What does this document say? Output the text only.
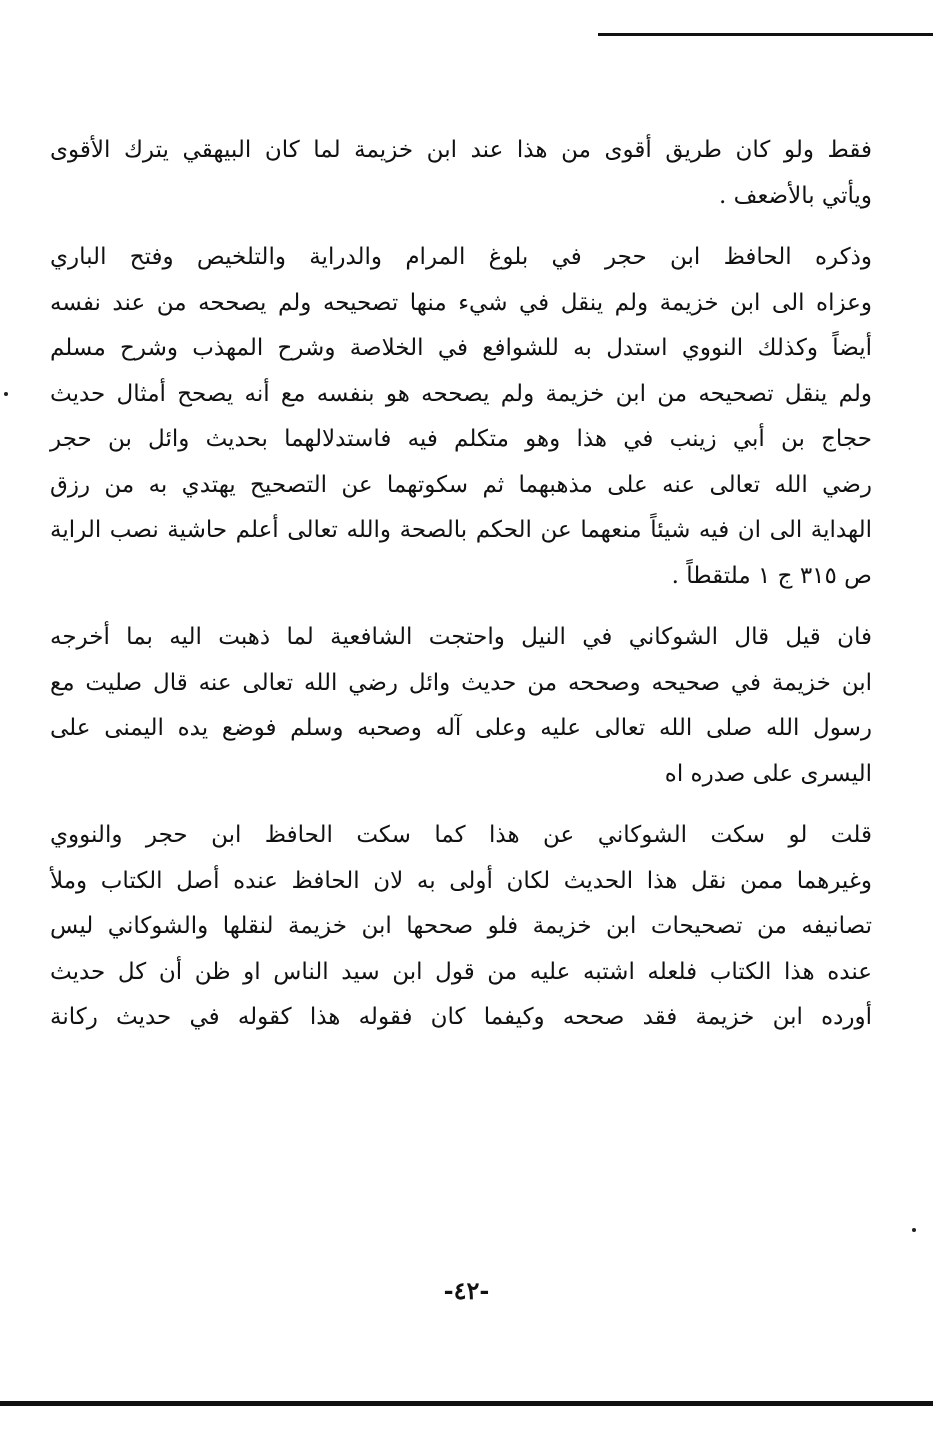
فقط ولو كان طريق أقوى من هذا عند ابن خزيمة لما كان البيهقي يترك الأقوى
ويأتي بالأضعف .

وذكره الحافظ ابن حجر في بلوغ المرام والدراية والتلخيص وفتح الباري
وعزاه الى ابن خزيمة ولم ينقل في شيء منها تصحيحه ولم يصححه من عند نفسه
أيضاً وكذلك النووي استدل به للشوافع في الخلاصة وشرح المهذب وشرح مسلم
ولم ينقل تصحيحه من ابن خزيمة ولم يصححه هو بنفسه مع أنه يصحح أمثال حديث
حجاج بن أبي زينب في هذا وهو متكلم فيه فاستدلالهما بحديث وائل بن حجر
رضي الله تعالى عنه على مذهبهما ثم سكوتهما عن التصحيح يهتدي به من رزق
الهداية الى ان فيه شيئاً منعهما عن الحكم بالصحة والله تعالى أعلم حاشية نصب الراية
ص ٣١٥ ج ١ ملتقطاً .

فان قيل قال الشوكاني في النيل واحتجت الشافعية لما ذهبت اليه بما أخرجه
ابن خزيمة في صحيحه وصححه من حديث وائل رضي الله تعالى عنه قال صليت مع
رسول الله صلى الله تعالى عليه وعلى آله وصحبه وسلم فوضع يده اليمنى على
اليسرى على صدره اه

قلت لو سكت الشوكاني عن هذا كما سكت الحافظ ابن حجر والنووي
وغيرهما ممن نقل هذا الحديث لكان أولى به لان الحافظ عنده أصل الكتاب وملأ
تصانيفه من تصحيحات ابن خزيمة فلو صححها ابن خزيمة لنقلها والشوكاني ليس
عنده هذا الكتاب فلعله اشتبه عليه من قول ابن سيد الناس او ظن أن كل حديث
أورده ابن خزيمة فقد صححه وكيفما كان فقوله هذا كقوله في حديث ركانة

-٤٢-
